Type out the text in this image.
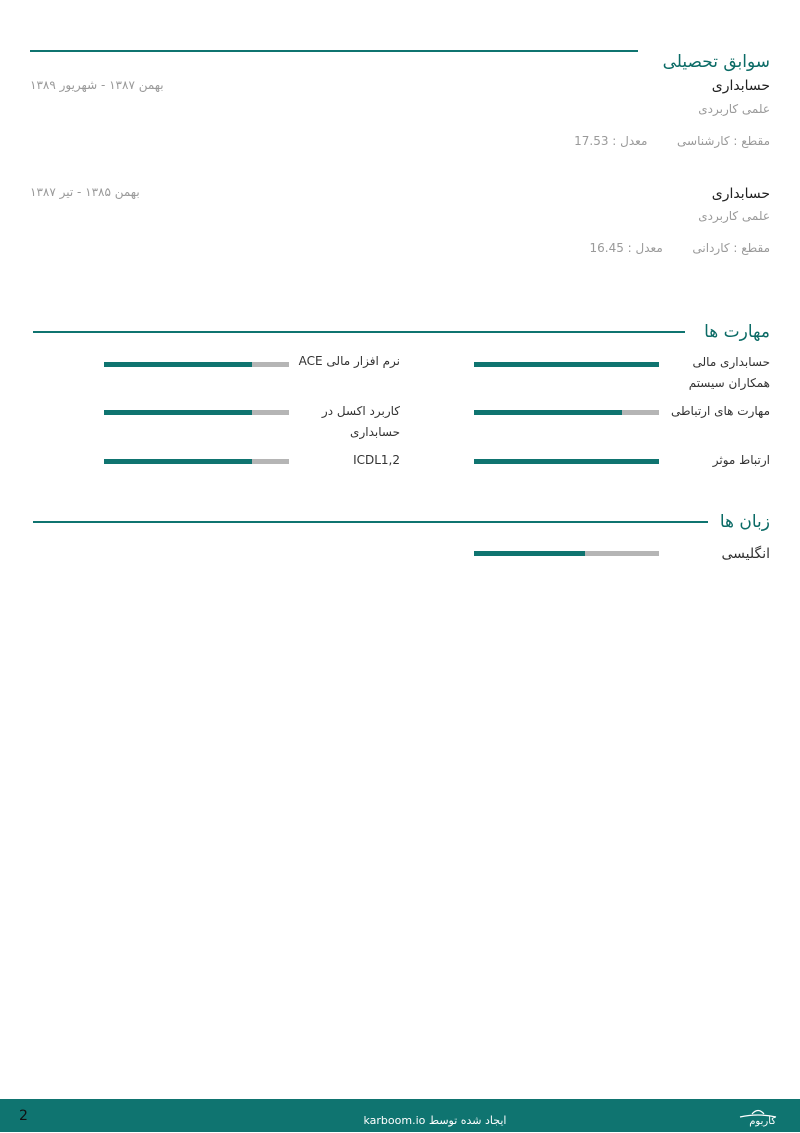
سوابق تحصیلی
حسابداری
علمی کاربردی
مقطع : کارشناسی  معدل : 17.53
بهمن ۱۳۸۷ - شهریور ۱۳۸۹
حسابداری
علمی کاربردی
مقطع : کاردانی  معدل : 16.45
بهمن ۱۳۸۵ - تیر ۱۳۸۷
مهارت ها
حسابداری مالی همکاران سیستم
مهارت های ارتباطی
ارتباط موثر
نرم افزار مالی ACE
کاربرد اکسل در حسابداری
ICDL1,2
زبان ها
انگلیسی
2	ایجاد شده توسط karboom.io	کاربوم
